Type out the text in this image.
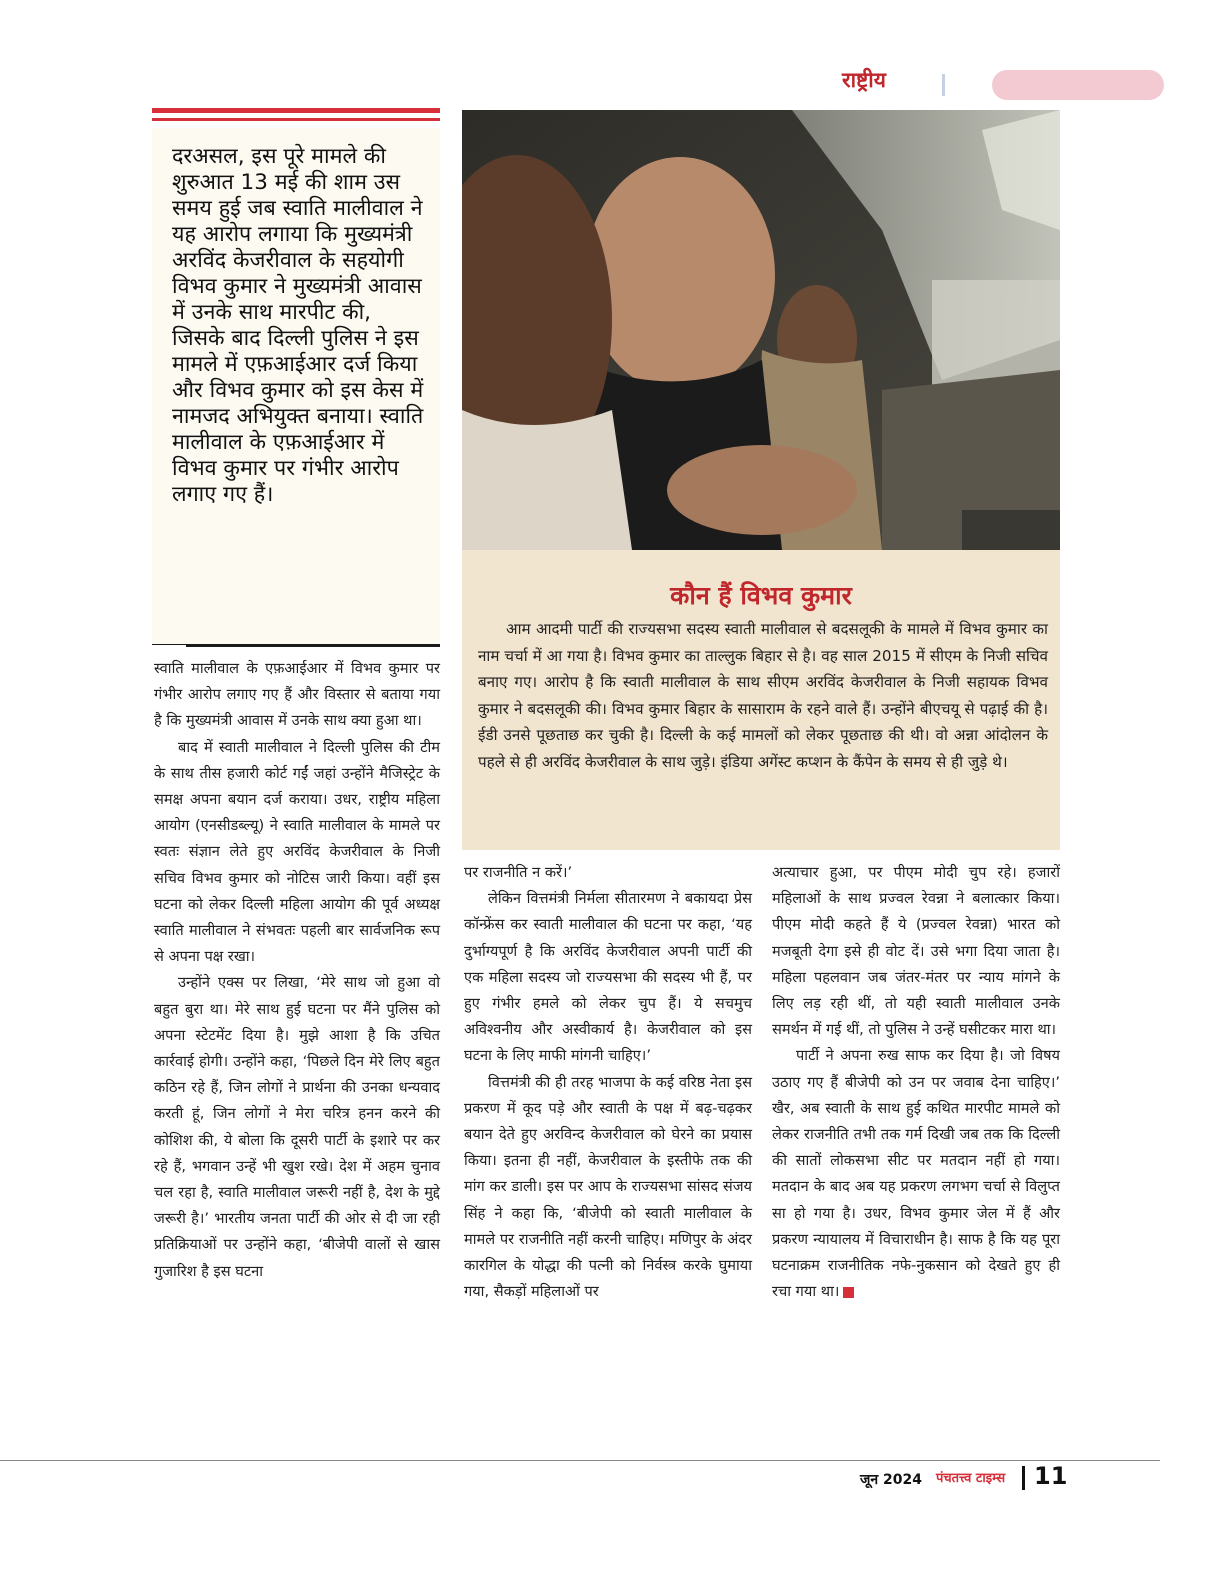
राष्ट्रीय
दरअसल, इस पूरे मामले की शुरुआत 13 मई की शाम उस समय हुई जब स्वाति मालीवाल ने यह आरोप लगाया कि मुख्यमंत्री अरविंद केजरीवाल के सहयोगी विभव कुमार ने मुख्यमंत्री आवास में उनके साथ मारपीट की, जिसके बाद दिल्ली पुलिस ने इस मामले में एफ़आईआर दर्ज किया और विभव कुमार को इस केस में नामजद अभियुक्त बनाया। स्वाति मालीवाल के एफ़आईआर में विभव कुमार पर गंभीर आरोप लगाए गए हैं।
कौन हैं विभव कुमार

आम आदमी पार्टी की राज्यसभा सदस्य स्वाती मालीवाल से बदसलूकी के मामले में विभव कुमार का नाम चर्चा में आ गया है। विभव कुमार का ताल्लुक बिहार से है। वह साल 2015 में सीएम के निजी सचिव बनाए गए। आरोप है कि स्वाती मालीवाल के साथ सीएम अरविंद केजरीवाल के निजी सहायक विभव कुमार ने बदसलूकी की। विभव कुमार बिहार के सासाराम के रहने वाले हैं। उन्होंने बीएचयू से पढ़ाई की है। ईडी उनसे पूछताछ कर चुकी है। दिल्ली के कई मामलों को लेकर पूछताछ की थी। वो अन्ना आंदोलन के पहले से ही अरविंद केजरीवाल के साथ जुड़े। इंडिया अगेंस्ट कप्शन के कैंपेन के समय से ही जुड़े थे।

स्वाति मालीवाल के एफ़आईआर में विभव कुमार पर गंभीर आरोप लगाए गए हैं और विस्तार से बताया गया है कि मुख्यमंत्री आवास में उनके साथ क्या हुआ था।

बाद में स्वाती मालीवाल ने दिल्ली पुलिस की टीम के साथ तीस हजारी कोर्ट गईं जहां उन्होंने मैजिस्ट्रेट के समक्ष अपना बयान दर्ज कराया। उधर, राष्ट्रीय महिला आयोग (एनसीडब्ल्यू) ने स्वाति मालीवाल के मामले पर स्वतः संज्ञान लेते हुए अरविंद केजरीवाल के निजी सचिव विभव कुमार को नोटिस जारी किया। वहीं इस घटना को लेकर दिल्ली महिला आयोग की पूर्व अध्यक्ष स्वाति मालीवाल ने संभवतः पहली बार सार्वजनिक रूप से अपना पक्ष रखा।

उन्होंने एक्स पर लिखा, ‘मेरे साथ जो हुआ वो बहुत बुरा था। मेरे साथ हुई घटना पर मैंने पुलिस को अपना स्टेटमेंट दिया है। मुझे आशा है कि उचित कार्रवाई होगी। उन्होंने कहा, ‘पिछले दिन मेरे लिए बहुत कठिन रहे हैं, जिन लोगों ने प्रार्थना की उनका धन्यवाद करती हूं, जिन लोगों ने मेरा चरित्र हनन करने की कोशिश की, ये बोला कि दूसरी पार्टी के इशारे पर कर रहे हैं, भगवान उन्हें भी खुश रखे। देश में अहम चुनाव चल रहा है, स्वाति मालीवाल जरूरी नहीं है, देश के मुद्दे जरूरी है।’ भारतीय जनता पार्टी की ओर से दी जा रही प्रतिक्रियाओं पर उन्होंने कहा, ‘बीजेपी वालों से खास गुजारिश है इस घटना

पर राजनीति न करें।’

लेकिन वित्तमंत्री निर्मला सीतारमण ने बकायदा प्रेस कॉन्फ्रेंस कर स्वाती मालीवाल की घटना पर कहा, ‘यह दुर्भाग्यपूर्ण है कि अरविंद केजरीवाल अपनी पार्टी की एक महिला सदस्य जो राज्यसभा की सदस्य भी हैं, पर हुए गंभीर हमले को लेकर चुप हैं। ये सचमुच अविश्वनीय और अस्वीकार्य है। केजरीवाल को इस घटना के लिए माफी मांगनी चाहिए।’

वित्तमंत्री की ही तरह भाजपा के कई वरिष्ठ नेता इस प्रकरण में कूद पड़े और स्वाती के पक्ष में बढ़-चढ़कर बयान देते हुए अरविन्द केजरीवाल को घेरने का प्रयास किया। इतना ही नहीं, केजरीवाल के इस्तीफे तक की मांग कर डाली। इस पर आप के राज्यसभा सांसद संजय सिंह ने कहा कि, ‘बीजेपी को स्वाती मालीवाल के मामले पर राजनीति नहीं करनी चाहिए। मणिपुर के अंदर कारगिल के योद्धा की पत्नी को निर्वस्त्र करके घुमाया गया, सैकड़ों महिलाओं पर

अत्याचार हुआ, पर पीएम मोदी चुप रहे। हजारों महिलाओं के साथ प्रज्वल रेवन्ना ने बलात्कार किया। पीएम मोदी कहते हैं ये (प्रज्वल रेवन्ना) भारत को मजबूती देगा इसे ही वोट दें। उसे भगा दिया जाता है। महिला पहलवान जब जंतर-मंतर पर न्याय मांगने के लिए लड़ रही थीं, तो यही स्वाती मालीवाल उनके समर्थन में गई थीं, तो पुलिस ने उन्हें घसीटकर मारा था।

पार्टी ने अपना रुख साफ कर दिया है। जो विषय उठाए गए हैं बीजेपी को उन पर जवाब देना चाहिए।’ खैर, अब स्वाती के साथ हुई कथित मारपीट मामले को लेकर राजनीति तभी तक गर्म दिखी जब तक कि दिल्ली की सातों लोकसभा सीट पर मतदान नहीं हो गया। मतदान के बाद अब यह प्रकरण लगभग चर्चा से विलुप्त सा हो गया है। उधर, विभव कुमार जेल में हैं और प्रकरण न्यायालय में विचाराधीन है। साफ है कि यह पूरा घटनाक्रम राजनीतिक नफे-नुकसान को देखते हुए ही रचा गया था।

जून 2024 पंचतत्त्व टाइम्स 11
